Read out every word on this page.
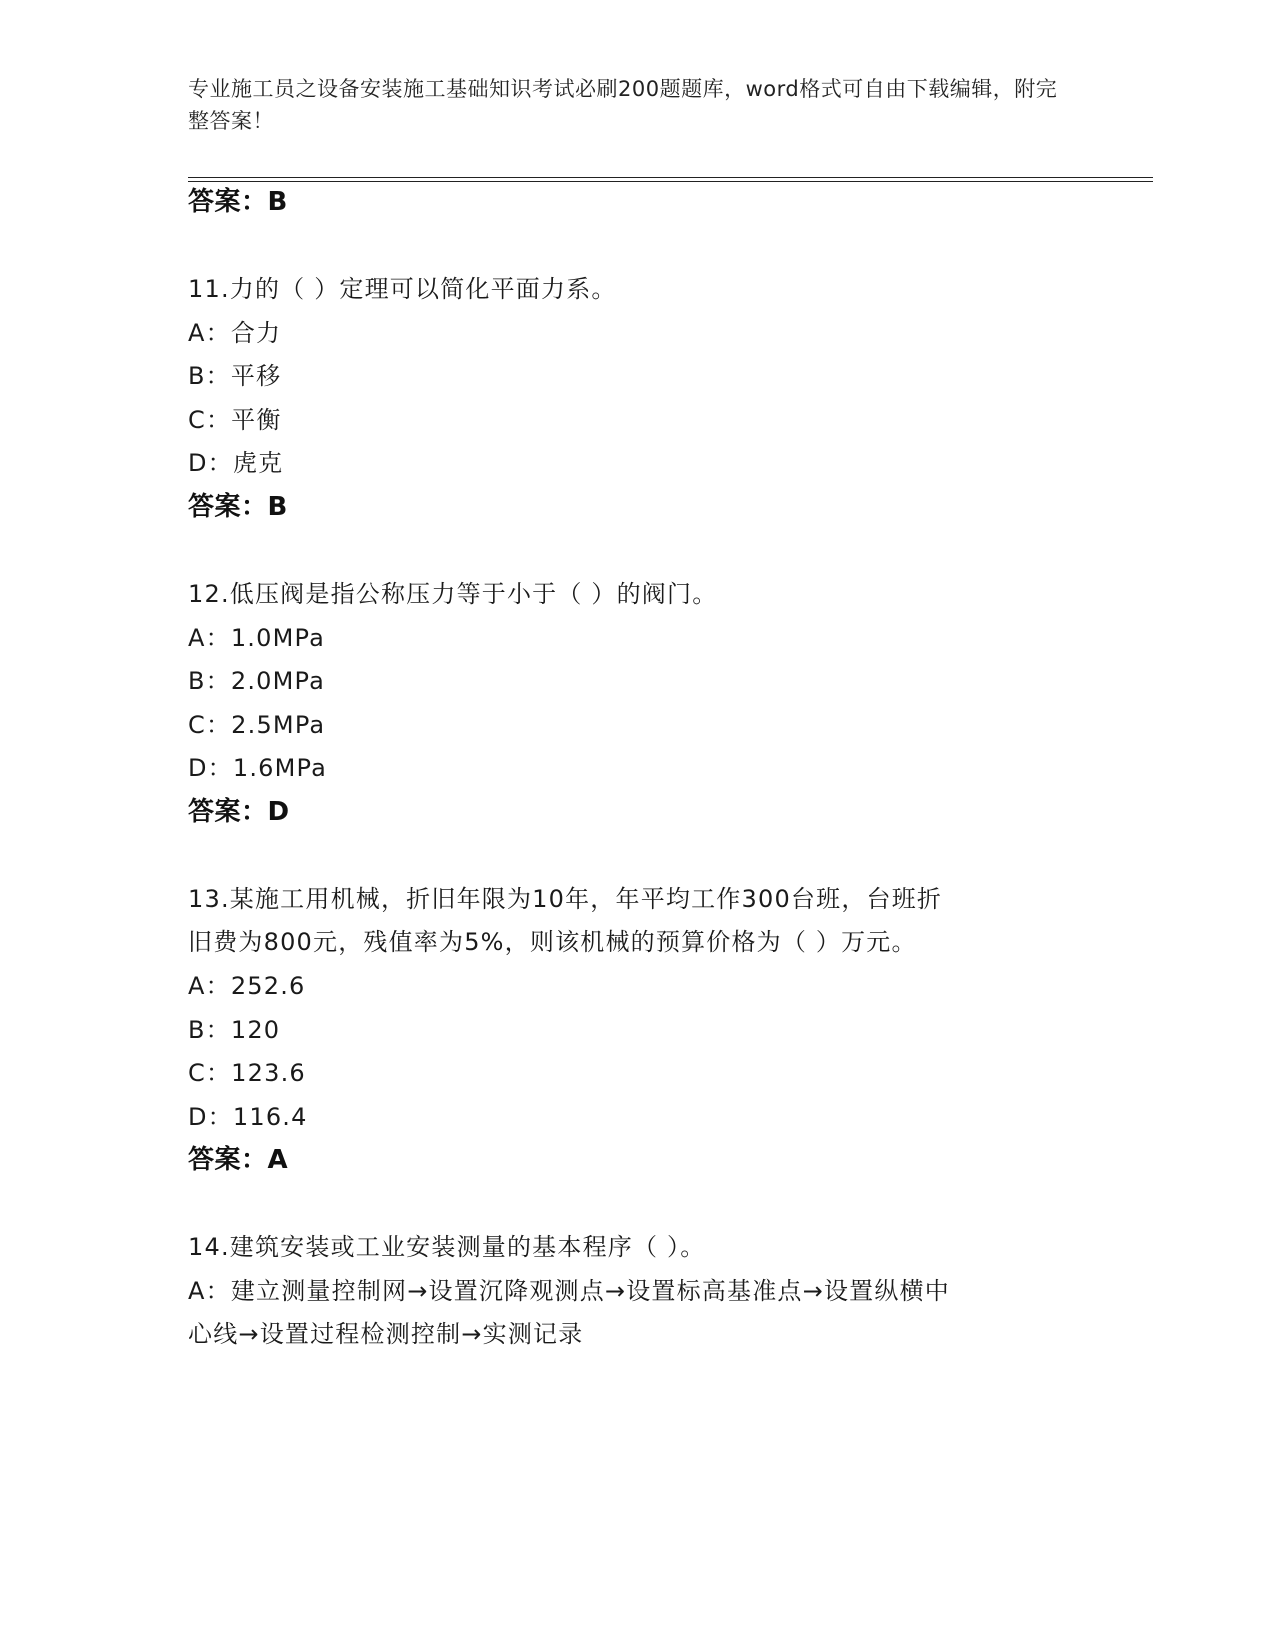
专业施工员之设备安装施工基础知识考试必刷200题题库，word格式可自由下载编辑，附完整答案！
答案：B
11.力的（ ）定理可以简化平面力系。
A：合力
B：平移
C：平衡
D：虎克
答案：B
12.低压阀是指公称压力等于小于（ ）的阀门。
A：1.0MPa
B：2.0MPa
C：2.5MPa
D：1.6MPa
答案：D
13.某施工用机械，折旧年限为10年，年平均工作300台班，台班折
旧费为800元，残值率为5%，则该机械的预算价格为（ ）万元。
A：252.6
B：120
C：123.6
D：116.4
答案：A
14.建筑安装或工业安装测量的基本程序（ ）。
A：建立测量控制网→设置沉降观测点→设置标高基准点→设置纵横中
心线→设置过程检测控制→实测记录
